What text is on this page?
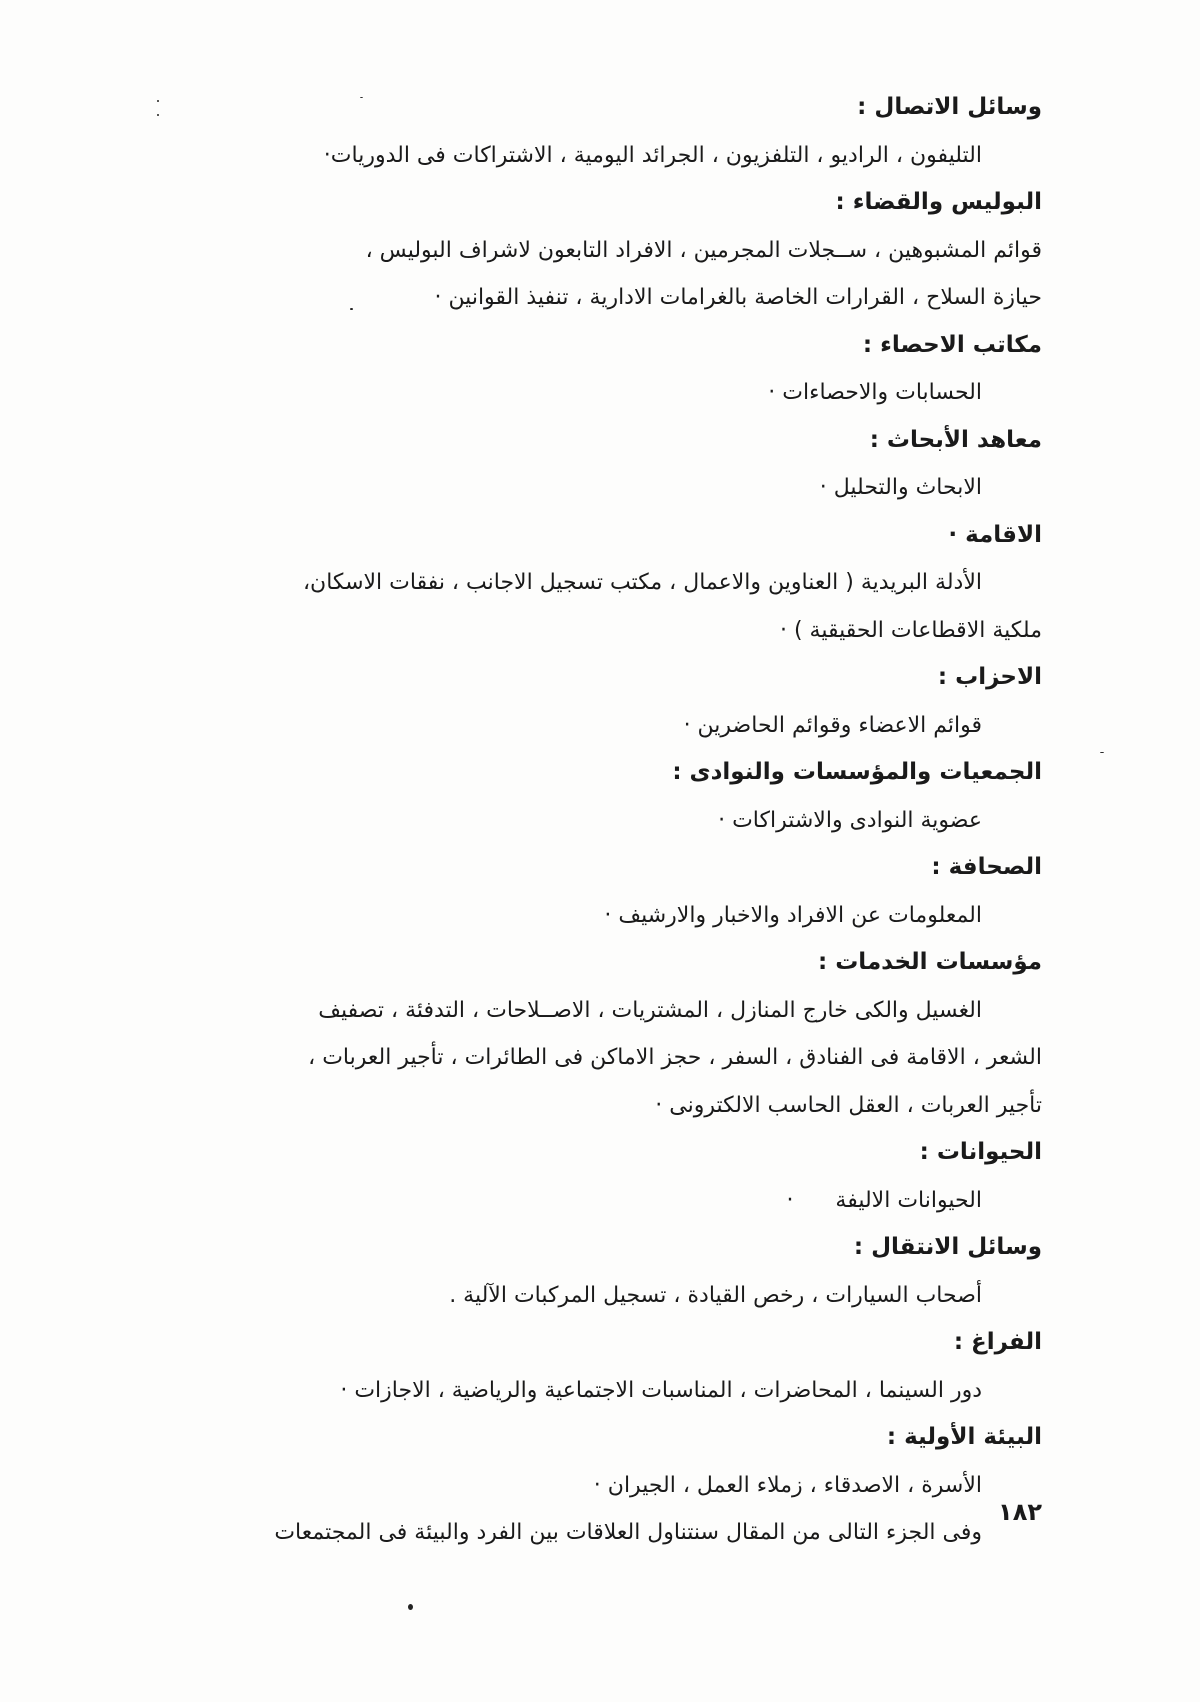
وسائل الاتصال :

التليفون ، الراديو ، التلفزيون ، الجرائد اليومية ، الاشتراكات فى الدوريات·

البوليس والقضاء :

قوائم المشبوهين ، ســجلات المجرمين ، الافراد التابعون لاشراف البوليس ،

حيازة السلاح ، القرارات الخاصة بالغرامات الادارية ، تنفيذ القوانين ·

مكاتب الاحصاء :

الحسابات والاحصاءات ·

معاهد الأبحاث :

الابحاث والتحليل ·

الاقامة ·

الأدلة البريدية ( العناوين والاعمال ، مكتب تسجيل الاجانب ، نفقات الاسكان،

ملكية الاقطاعات الحقيقية ) ·

الاحزاب :

قوائم الاعضاء وقوائم الحاضرين ·

الجمعيات والمؤسسات والنوادى :

عضوية النوادى والاشتراكات ·

الصحافة :

المعلومات عن الافراد والاخبار والارشيف ·

مؤسسات الخدمات :

الغسيل والكى خارج المنازل ، المشتريات ، الاصــلاحات ، التدفئة ، تصفيف

الشعر ، الاقامة فى الفنادق ، السفر ، حجز الاماكن فى الطائرات ، تأجير العربات ،

تأجير العربات ، العقل الحاسب الالكترونى ·

الحيوانات :

الحيوانات الاليفة      ·

وسائل الانتقال :

أصحاب السيارات ، رخص القيادة ، تسجيل المركبات الآلية .

الفراغ :

دور السينما ، المحاضرات ، المناسبات الاجتماعية والرياضية ، الاجازات ·

البيئة الأولية :

الأسرة ، الاصدقاء ، زملاء العمل ، الجيران ·

وفى الجزء التالى من المقال سنتناول العلاقات بين الفرد والبيئة فى المجتمعات

١٨٢
